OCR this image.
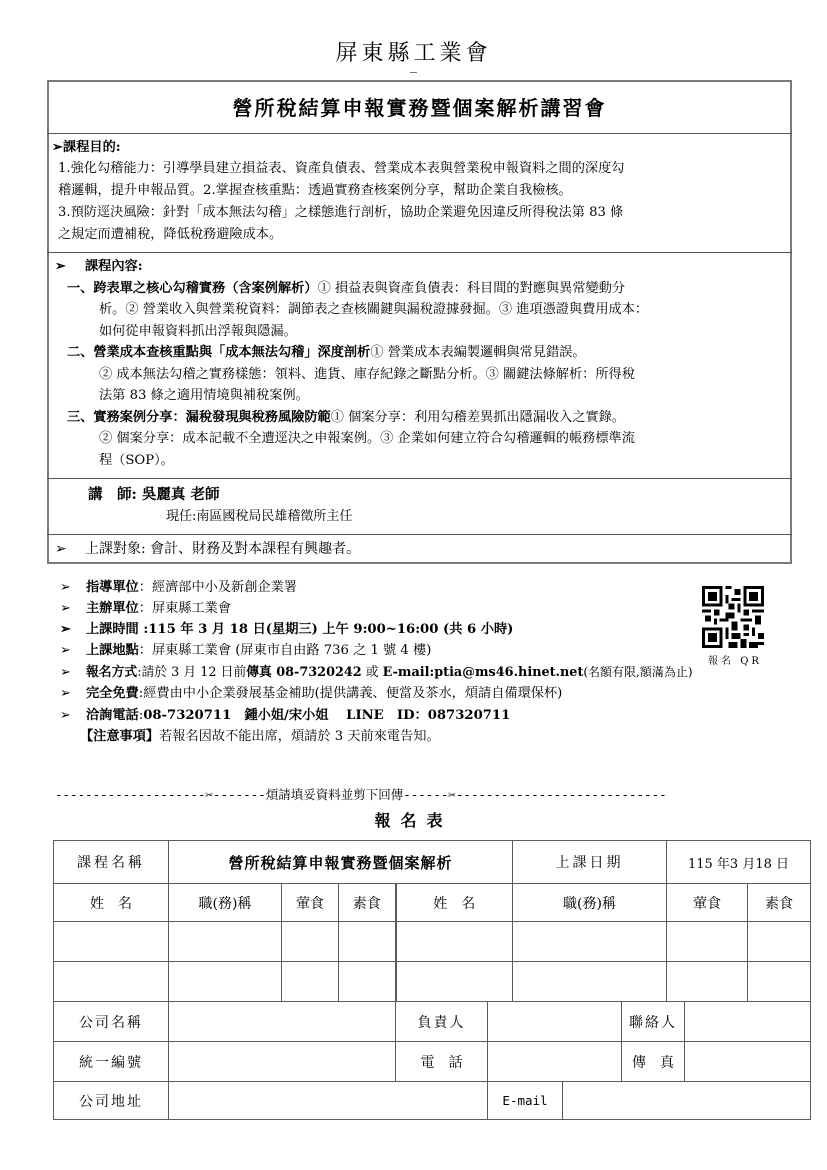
屏東縣工業會
營所稅結算申報實務暨個案解析講習會
➢課程目的:
1.強化勾稽能力：引導學員建立損益表、資產負債表、營業成本表與營業稅申報資料之間的深度勾
稽邏輯，提升申報品質。2.掌握查核重點：透過實務查核案例分享，幫助企業自我檢核。
3.預防逕決風險：針對「成本無法勾稽」之樣態進行剖析，協助企業避免因違反所得稅法第 83 條
之規定而遭補稅，降低稅務避險成本。
➢ 課程內容:
一、跨表單之核心勾稽實務（含案例解析）① 損益表與資產負債表：科目間的對應與異常變動分
析。② 營業收入與營業稅資料：調節表之查核關鍵與漏稅證據發掘。③ 進項憑證與費用成本：
如何從申報資料抓出浮報與隱漏。
二、營業成本查核重點與「成本無法勾稽」深度剖析① 營業成本表編製邏輯與常見錯誤。
② 成本無法勾稽之實務樣態：領料、進貨、庫存紀錄之斷點分析。③ 關鍵法條解析：所得稅
法第 83 條之適用情境與補稅案例。
三、實務案例分享：漏稅發現與稅務風險防範① 個案分享：利用勾稽差異抓出隱漏收入之實錄。
② 個案分享：成本記載不全遭逕決之申報案例。③ 企業如何建立符合勾稽邏輯的帳務標準流
程（SOP）。
講　師: 吳麗真 老師
現任:南區國稅局民雄稽徵所主任
➢ 上課對象: 會計、財務及對本課程有興趣者。
➢ 指導單位：經濟部中小及新創企業署
➢ 主辦單位：屏東縣工業會
➢ 上課時間 :115 年 3 月 18 日(星期三) 上午 9:00~16:00 (共 6 小時)
➢ 上課地點：屏東縣工業會 (屏東市自由路 736 之 1 號 4 樓)
➢ 報名方式:請於 3 月 12 日前傳真 08-7320242 或 E-mail:ptia@ms46.hinet.net(名額有限,額滿為止)
➢ 完全免費:經費由中小企業發展基金補助(提供講義、便當及茶水，煩請自備環保杯)
➢ 洽詢電話:08-7320711　鍾小姐/宋小姐　 LINE　ID：087320711
【注意事項】若報名因故不能出席，煩請於 3 天前來電告知。
報名 QR
--------------------✂-------煩請填妥資料並剪下回傳------✂----------------------------
報名表
課程名稱	營所稅結算申報實務暨個案解析					上課日期			115 年3 月18 日		
姓　名	職(務)稱	葷食	素食	姓　名		職(務)稱			葷食		素食

公司名稱				負責人				聯絡人			
統一編號				電　話				傳　真			
公司地址					E-mail						
